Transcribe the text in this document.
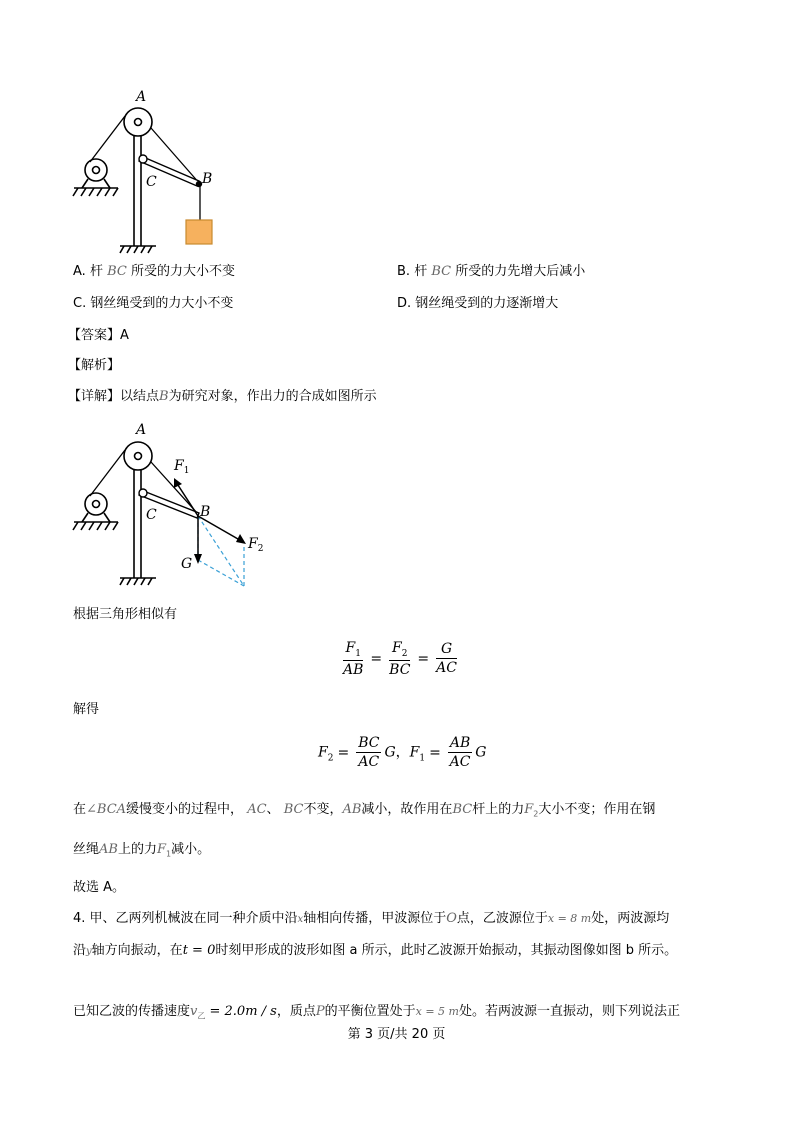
A
C	B
A. 杆 BC 所受的力大小不变	B. 杆 BC 所受的力先增大后减小
C. 钢丝绳受到的力大小不变	D. 钢丝绳受到的力逐渐增大
【答案】A
【解析】
【详解】以结点B为研究对象，作出力的合成如图所示
A
C	B
$F_1$
$F_2$
G
根据三角形相似有
$\frac{F_1}{AB} = \frac{F_2}{BC} = \frac{G}{AC}$
解得
$F_2 = \frac{BC}{AC}$ G，$F_1 = \frac{AB}{AC}$ G
在∠BCA缓慢变小的过程中， AC、 BC不变，AB减小，故作用在BC杆上的力$F_2$大小不变；作用在钢
丝绳AB上的力$F_1$减小。
故选 A。
4. 甲、乙两列机械波在同一种介质中沿x轴相向传播，甲波源位于O点，乙波源位于x = 8 m处，两波源均
沿y轴方向振动，在t = 0时刻甲形成的波形如图 a 所示，此时乙波源开始振动，其振动图像如图 b 所示。
已知乙波的传播速度$v_乙 = 2.0m / s$，质点P的平衡位置处于x = 5 m处。若两波源一直振动，则下列说法正
第 3 页/共 20 页
